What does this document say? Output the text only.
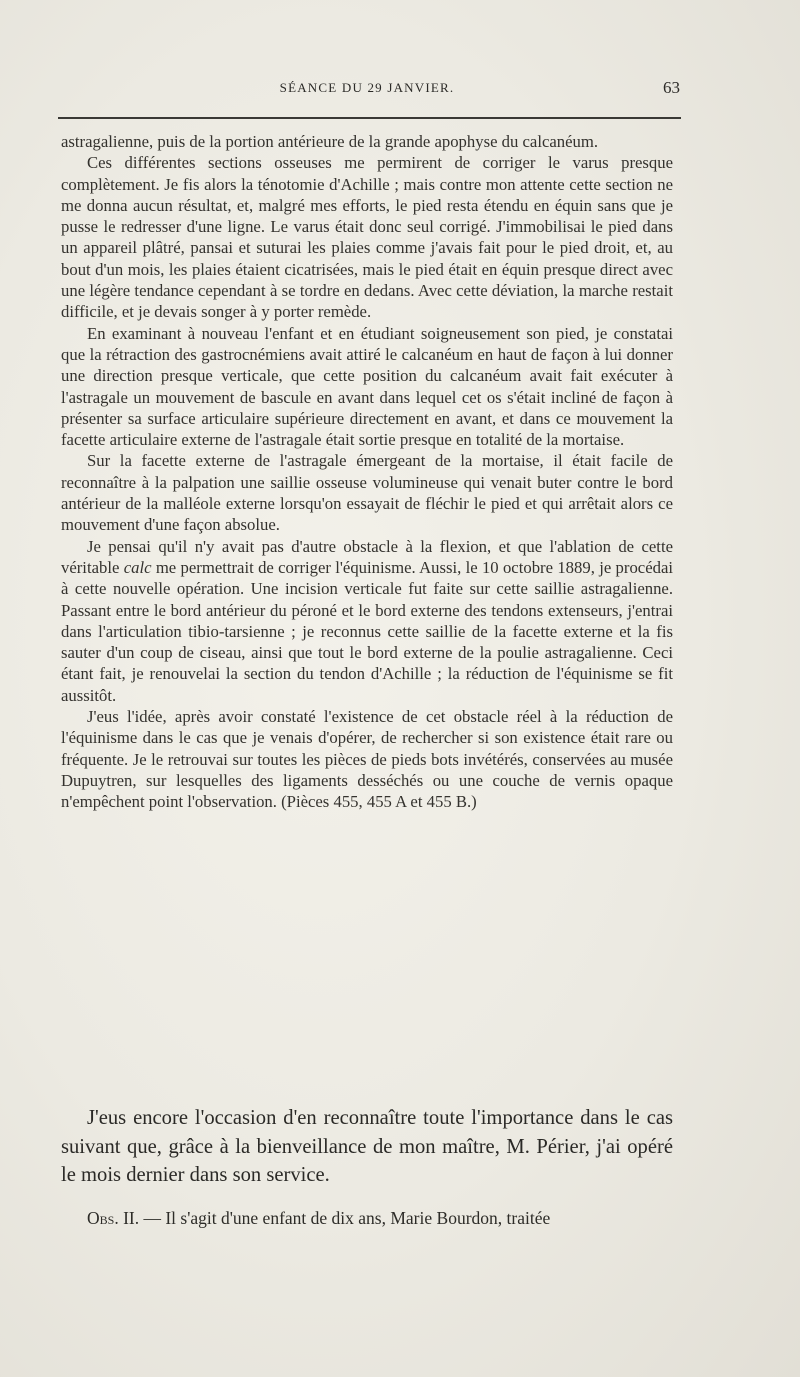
SÉANCE DU 29 JANVIER.	63

astragalienne, puis de la portion antérieure de la grande apophyse du calcanéum.

Ces différentes sections osseuses me permirent de corriger le varus presque complètement. Je fis alors la ténotomie d'Achille ; mais contre mon attente cette section ne me donna aucun résultat, et, malgré mes efforts, le pied resta étendu en équin sans que je pusse le redresser d'une ligne. Le varus était donc seul corrigé. J'immobilisai le pied dans un appareil plâtré, pansai et suturai les plaies comme j'avais fait pour le pied droit, et, au bout d'un mois, les plaies étaient cicatrisées, mais le pied était en équin presque direct avec une légère tendance cependant à se tordre en dedans. Avec cette déviation, la marche restait difficile, et je devais songer à y porter remède.

En examinant à nouveau l'enfant et en étudiant soigneusement son pied, je constatai que la rétraction des gastrocnémiens avait attiré le calcanéum en haut de façon à lui donner une direction presque verticale, que cette position du calcanéum avait fait exécuter à l'astragale un mouvement de bascule en avant dans lequel cet os s'était incliné de façon à présenter sa surface articulaire supérieure directement en avant, et dans ce mouvement la facette articulaire externe de l'astragale était sortie presque en totalité de la mortaise.

Sur la facette externe de l'astragale émergeant de la mortaise, il était facile de reconnaître à la palpation une saillie osseuse volumineuse qui venait buter contre le bord antérieur de la malléole externe lorsqu'on essayait de fléchir le pied et qui arrêtait alors ce mouvement d'une façon absolue.

Je pensai qu'il n'y avait pas d'autre obstacle à la flexion, et que l'ablation de cette véritable calc me permettrait de corriger l'équinisme. Aussi, le 10 octobre 1889, je procédai à cette nouvelle opération. Une incision verticale fut faite sur cette saillie astragalienne. Passant entre le bord antérieur du péroné et le bord externe des tendons extenseurs, j'entrai dans l'articulation tibio-tarsienne ; je reconnus cette saillie de la facette externe et la fis sauter d'un coup de ciseau, ainsi que tout le bord externe de la poulie astragalienne. Ceci étant fait, je renouvelai la section du tendon d'Achille ; la réduction de l'équinisme se fit aussitôt.

J'eus l'idée, après avoir constaté l'existence de cet obstacle réel à la réduction de l'équinisme dans le cas que je venais d'opérer, de rechercher si son existence était rare ou fréquente. Je le retrouvai sur toutes les pièces de pieds bots invétérés, conservées au musée Dupuytren, sur lesquelles des ligaments desséchés ou une couche de vernis opaque n'empêchent point l'observation. (Pièces 455, 455 A et 455 B.)

J'eus encore l'occasion d'en reconnaître toute l'importance dans le cas suivant que, grâce à la bienveillance de mon maître, M. Périer, j'ai opéré le mois dernier dans son service.

Obs. II. — Il s'agit d'une enfant de dix ans, Marie Bourdon, traitée
